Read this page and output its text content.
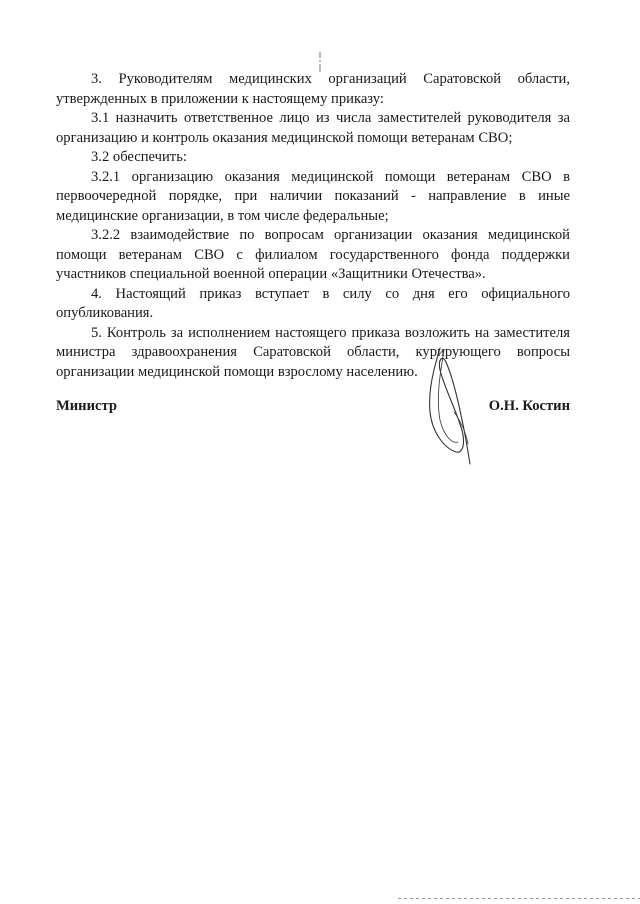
3. Руководителям медицинских организаций Саратовской области, утвержденных в приложении к настоящему приказу:

3.1 назначить ответственное лицо из числа заместителей руководителя за организацию и контроль оказания медицинской помощи ветеранам СВО;

3.2 обеспечить:

3.2.1 организацию оказания медицинской помощи ветеранам СВО в первоочередной порядке, при наличии показаний - направление в иные медицинские организации, в том числе федеральные;

3.2.2 взаимодействие по вопросам организации оказания медицинской помощи ветеранам СВО с филиалом государственного фонда поддержки участников специальной военной операции «Защитники Отечества».

4. Настоящий приказ вступает в силу со дня его официального опубликования.

5. Контроль за исполнением настоящего приказа возложить на заместителя министра здравоохранения Саратовской области, курирующего вопросы организации медицинской помощи взрослому населению.

Министр	О.Н. Костин
